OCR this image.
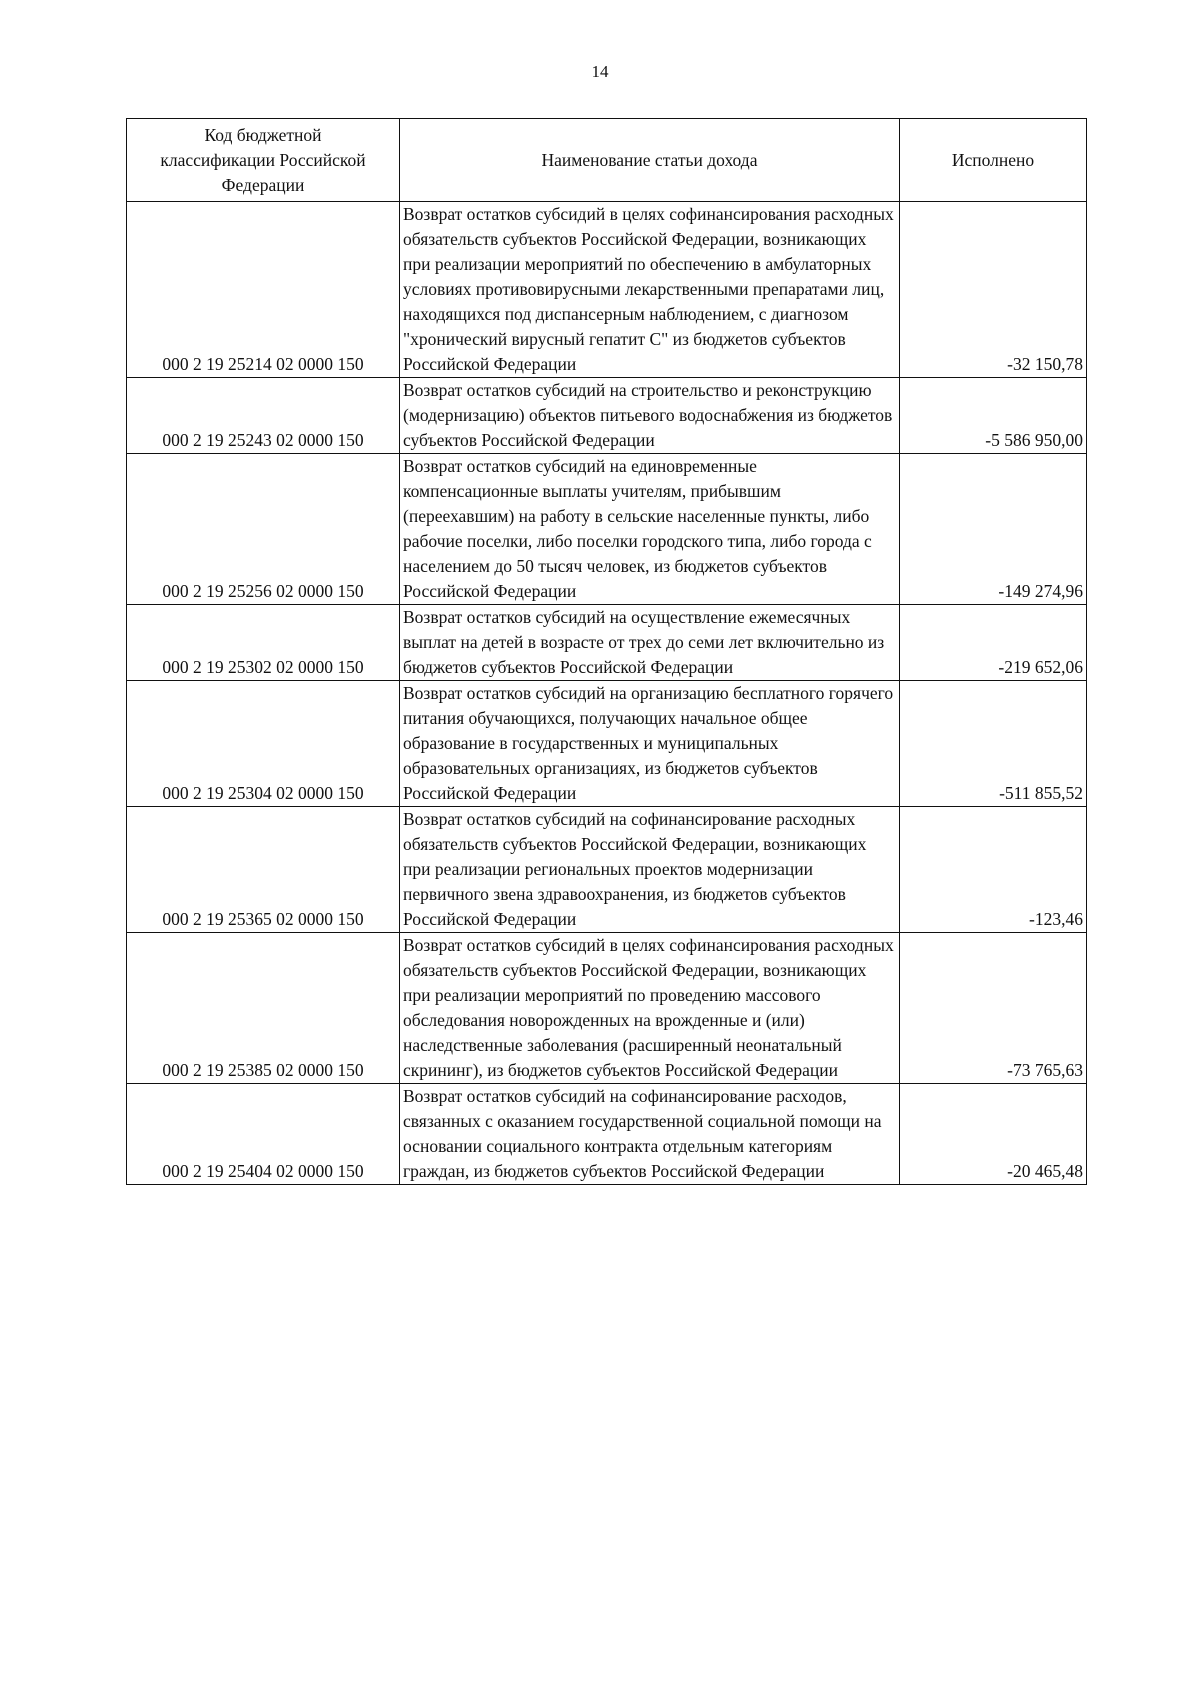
14
Код бюджетной классификации Российской Федерации	Наименование статьи дохода	Исполнено
000 2 19 25214 02 0000 150	Возврат остатков субсидий в целях софинансирования расходных обязательств субъектов Российской Федерации, возникающих при реализации мероприятий по обеспечению в амбулаторных условиях противовирусными лекарственными препаратами лиц, находящихся под диспансерным наблюдением, с диагнозом "хронический вирусный гепатит С" из бюджетов субъектов Российской Федерации	-32 150,78
000 2 19 25243 02 0000 150	Возврат остатков субсидий на строительство и реконструкцию (модернизацию) объектов питьевого водоснабжения из бюджетов субъектов Российской Федерации	-5 586 950,00
000 2 19 25256 02 0000 150	Возврат остатков субсидий на единовременные компенсационные выплаты учителям, прибывшим (переехавшим) на работу в сельские населенные пункты, либо рабочие поселки, либо поселки городского типа, либо города с населением до 50 тысяч человек, из бюджетов субъектов Российской Федерации	-149 274,96
000 2 19 25302 02 0000 150	Возврат остатков субсидий на осуществление ежемесячных выплат на детей в возрасте от трех до семи лет включительно из бюджетов субъектов Российской Федерации	-219 652,06
000 2 19 25304 02 0000 150	Возврат остатков субсидий на организацию бесплатного горячего питания обучающихся, получающих начальное общее образование в государственных и муниципальных образовательных организациях, из бюджетов субъектов Российской Федерации	-511 855,52
000 2 19 25365 02 0000 150	Возврат остатков субсидий на софинансирование расходных обязательств субъектов Российской Федерации, возникающих при реализации региональных проектов модернизации первичного звена здравоохранения, из бюджетов субъектов Российской Федерации	-123,46
000 2 19 25385 02 0000 150	Возврат остатков субсидий в целях софинансирования расходных обязательств субъектов Российской Федерации, возникающих при реализации мероприятий по проведению массового обследования новорожденных на врожденные и (или) наследственные заболевания (расширенный неонатальный скрининг), из бюджетов субъектов Российской Федерации	-73 765,63
000 2 19 25404 02 0000 150	Возврат остатков субсидий на софинансирование расходов, связанных с оказанием государственной социальной помощи на основании социального контракта отдельным категориям граждан, из бюджетов субъектов Российской Федерации	-20 465,48
